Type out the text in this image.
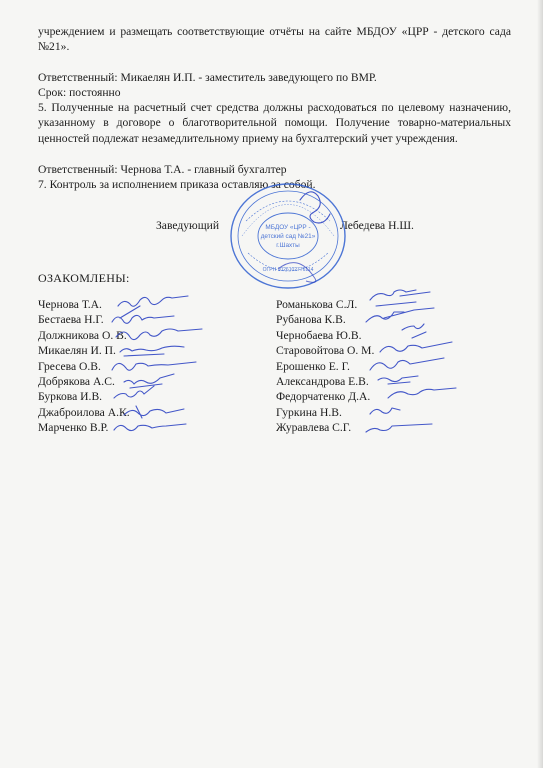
учреждением и размещать соответствующие отчёты на сайте МБДОУ «ЦРР - детского сада №21».
Ответственный: Микаелян И.П. - заместитель заведующего по ВМР.
Срок: постоянно
5. Полученные на расчетный счет средства должны расходоваться по целевому назначению, указанному в договоре о благотворительной помощи. Получение товарно-материальных ценностей подлежат незамедлительному приему на бухгалтерский учет учреждения.
Ответственный: Чернова Т.А. - главный бухгалтер
7. Контроль за исполнением приказа оставляю за собой.
Заведующий	Лебедева Н.Ш.
МБДОУ «ЦРР -
детский сад №21»
г.Шахты
ОГРН 1026102776114
ОЗАКОМЛЕНЫ:
Чернова Т.А.
Бестаева Н.Г.
Должникова О. В.
Микаелян И. П.
Гресева О.В.
Добрякова А.С.
Буркова И.В.
Джаброилова А.К.
Марченко В.Р.
Романькова С.Л.
Рубанова К.В.
Чернобаева Ю.В.
Старовойтова О. М.
Ерошенко Е. Г.
Александрова Е.В.
Федорчатенко Д.А.
Гуркина Н.В.
Журавлева С.Г.
